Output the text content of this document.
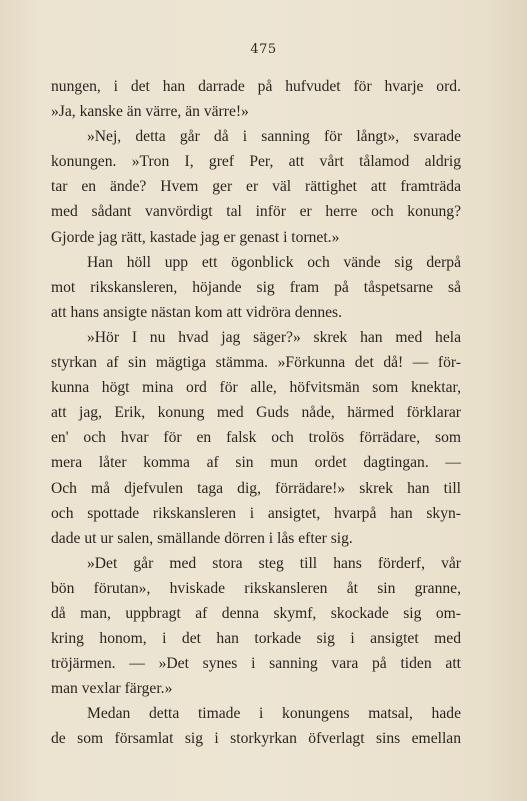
475
nungen, i det han darrade på hufvudet för hvarje ord.
»Ja, kanske än värre, än värre!»
»Nej, detta går då i sanning för långt», svarade
konungen. »Tron I, gref Per, att vårt tålamod aldrig
tar en ände? Hvem ger er väl rättighet att framträda
med sådant vanvördigt tal inför er herre och konung?
Gjorde jag rätt, kastade jag er genast i tornet.»
Han höll upp ett ögonblick och vände sig derpå
mot rikskansleren, höjande sig fram på tåspetsarne så
att hans ansigte nästan kom att vidröra dennes.
»Hör I nu hvad jag säger?» skrek han med hela
styrkan af sin mägtiga stämma. »Förkunna det då! — för-
kunna högt mina ord för alle, höfvitsmän som knektar,
att jag, Erik, konung med Guds nåde, härmed förklarar
en' och hvar för en falsk och trolös förrädare, som
mera låter komma af sin mun ordet dagtingan. —
Och må djefvulen taga dig, förrädare!» skrek han till
och spottade rikskansleren i ansigtet, hvarpå han skyn-
dade ut ur salen, smällande dörren i lås efter sig.
»Det går med stora steg till hans förderf, vår
bön förutan», hviskade rikskansleren åt sin granne,
då man, uppbragt af denna skymf, skockade sig om-
kring honom, i det han torkade sig i ansigtet med
tröjärmen. — »Det synes i sanning vara på tiden att
man vexlar färger.»
Medan detta timade i konungens matsal, hade
de som församlat sig i storkyrkan öfverlagt sins emellan
